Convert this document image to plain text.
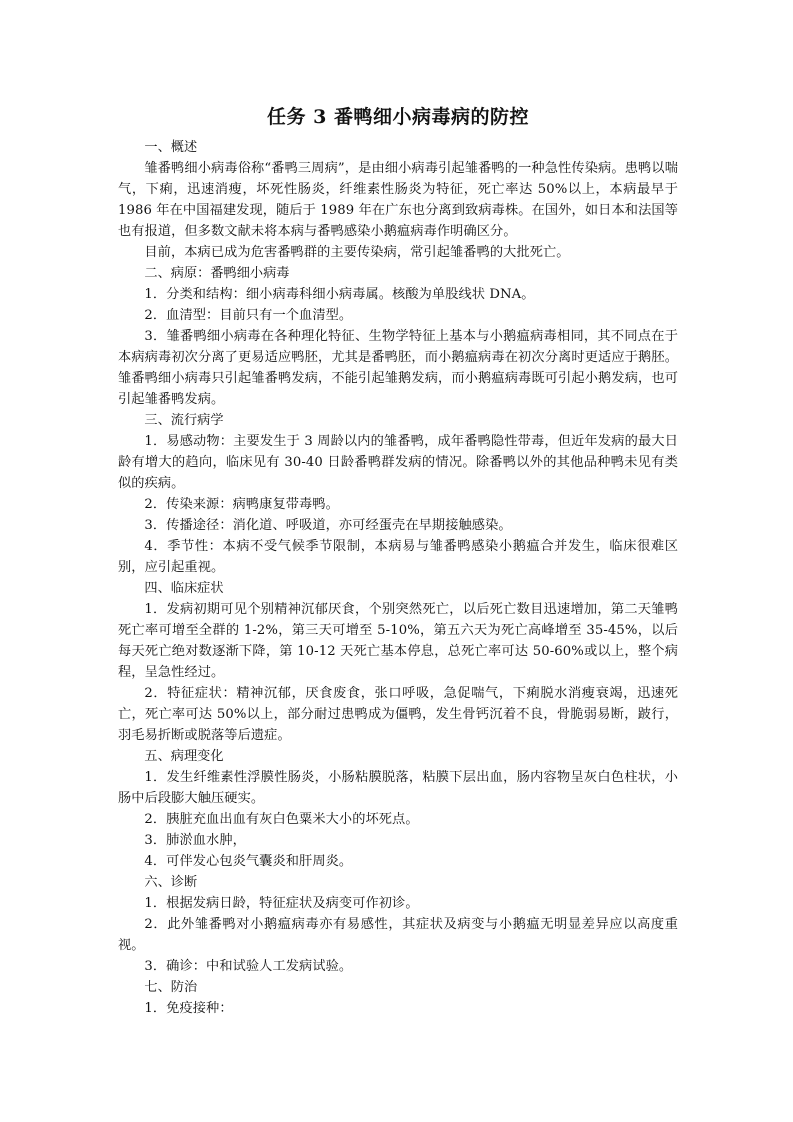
任务 3 番鸭细小病毒病的防控

一、概述

雏番鸭细小病毒俗称“番鸭三周病”，是由细小病毒引起雏番鸭的一种急性传染病。患鸭以喘气，下痢，迅速消瘦，坏死性肠炎，纤维素性肠炎为特征，死亡率达 50%以上，本病最早于 1986 年在中国福建发现，随后于 1989 年在广东也分离到致病毒株。在国外，如日本和法国等也有报道，但多数文献未将本病与番鸭感染小鹅瘟病毒作明确区分。

目前，本病已成为危害番鸭群的主要传染病，常引起雏番鸭的大批死亡。

二、病原：番鸭细小病毒

1．分类和结构：细小病毒科细小病毒属。核酸为单股线状 DNA。

2．血清型：目前只有一个血清型。

3．雏番鸭细小病毒在各种理化特征、生物学特征上基本与小鹅瘟病毒相同，其不同点在于本病病毒初次分离了更易适应鸭胚，尤其是番鸭胚，而小鹅瘟病毒在初次分离时更适应于鹅胚。雏番鸭细小病毒只引起雏番鸭发病，不能引起雏鹅发病，而小鹅瘟病毒既可引起小鹅发病，也可引起雏番鸭发病。

三、流行病学

1．易感动物：主要发生于 3 周龄以内的雏番鸭，成年番鸭隐性带毒，但近年发病的最大日龄有增大的趋向，临床见有 30-40 日龄番鸭群发病的情况。除番鸭以外的其他品种鸭未见有类似的疾病。

2．传染来源：病鸭康复带毒鸭。

3．传播途径：消化道、呼吸道，亦可经蛋壳在早期接触感染。

4．季节性：本病不受气候季节限制，本病易与雏番鸭感染小鹅瘟合并发生，临床很难区别，应引起重视。

四、临床症状

1．发病初期可见个别精神沉郁厌食，个别突然死亡，以后死亡数目迅速增加，第二天雏鸭死亡率可增至全群的 1-2%，第三天可增至 5-10%，第五六天为死亡高峰增至 35-45%，以后每天死亡绝对数逐渐下降，第 10-12 天死亡基本停息，总死亡率可达 50-60%或以上，整个病程，呈急性经过。

2．特征症状：精神沉郁，厌食废食，张口呼吸，急促喘气，下痢脱水消瘦衰竭，迅速死亡，死亡率可达 50%以上，部分耐过患鸭成为僵鸭，发生骨钙沉着不良，骨脆弱易断，跛行，羽毛易折断或脱落等后遗症。

五、病理变化

1．发生纤维素性浮膜性肠炎，小肠粘膜脱落，粘膜下层出血，肠内容物呈灰白色柱状，小肠中后段膨大触压硬实。

2．胰脏充血出血有灰白色粟米大小的坏死点。

3．肺淤血水肿，

4．可伴发心包炎气囊炎和肝周炎。

六、诊断

1．根据发病日龄，特征症状及病变可作初诊。

2．此外雏番鸭对小鹅瘟病毒亦有易感性，其症状及病变与小鹅瘟无明显差异应以高度重视。

3．确诊：中和试验人工发病试验。

七、防治

1．免疫接种：
